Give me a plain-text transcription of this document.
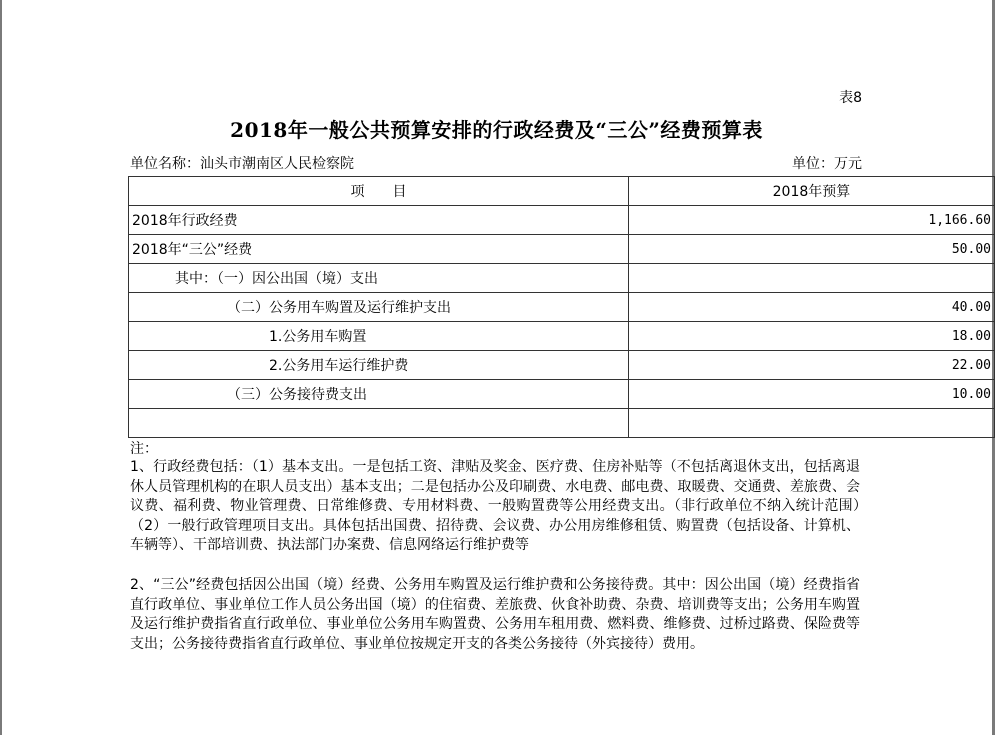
表8
2018年一般公共预算安排的行政经费及“三公”经费预算表
单位名称：汕头市潮南区人民检察院	单位：万元
项　　目	2018年预算
2018年行政经费	1,166.60
2018年“三公”经费	50.00
其中：（一）因公出国（境）支出	
（二）公务用车购置及运行维护支出	40.00
1.公务用车购置	18.00
2.公务用车运行维护费	22.00
（三）公务接待费支出	10.00

注：
1、行政经费包括：（1）基本支出。一是包括工资、津贴及奖金、医疗费、住房补贴等（不包括离退休支出，包括离退休人员管理机构的在职人员支出）基本支出；二是包括办公及印刷费、水电费、邮电费、取暖费、交通费、差旅费、会议费、福利费、物业管理费、日常维修费、专用材料费、一般购置费等公用经费支出。（非行政单位不纳入统计范围）　　（2）一般行政管理项目支出。具体包括出国费、招待费、会议费、办公用房维修租赁、购置费（包括设备、计算机、车辆等）、干部培训费、执法部门办案费、信息网络运行维护费等
2、“三公”经费包括因公出国（境）经费、公务用车购置及运行维护费和公务接待费。其中：因公出国（境）经费指省直行政单位、事业单位工作人员公务出国（境）的住宿费、差旅费、伙食补助费、杂费、培训费等支出；公务用车购置及运行维护费指省直行政单位、事业单位公务用车购置费、公务用车租用费、燃料费、维修费、过桥过路费、保险费等支出；公务接待费指省直行政单位、事业单位按规定开支的各类公务接待（外宾接待）费用。
